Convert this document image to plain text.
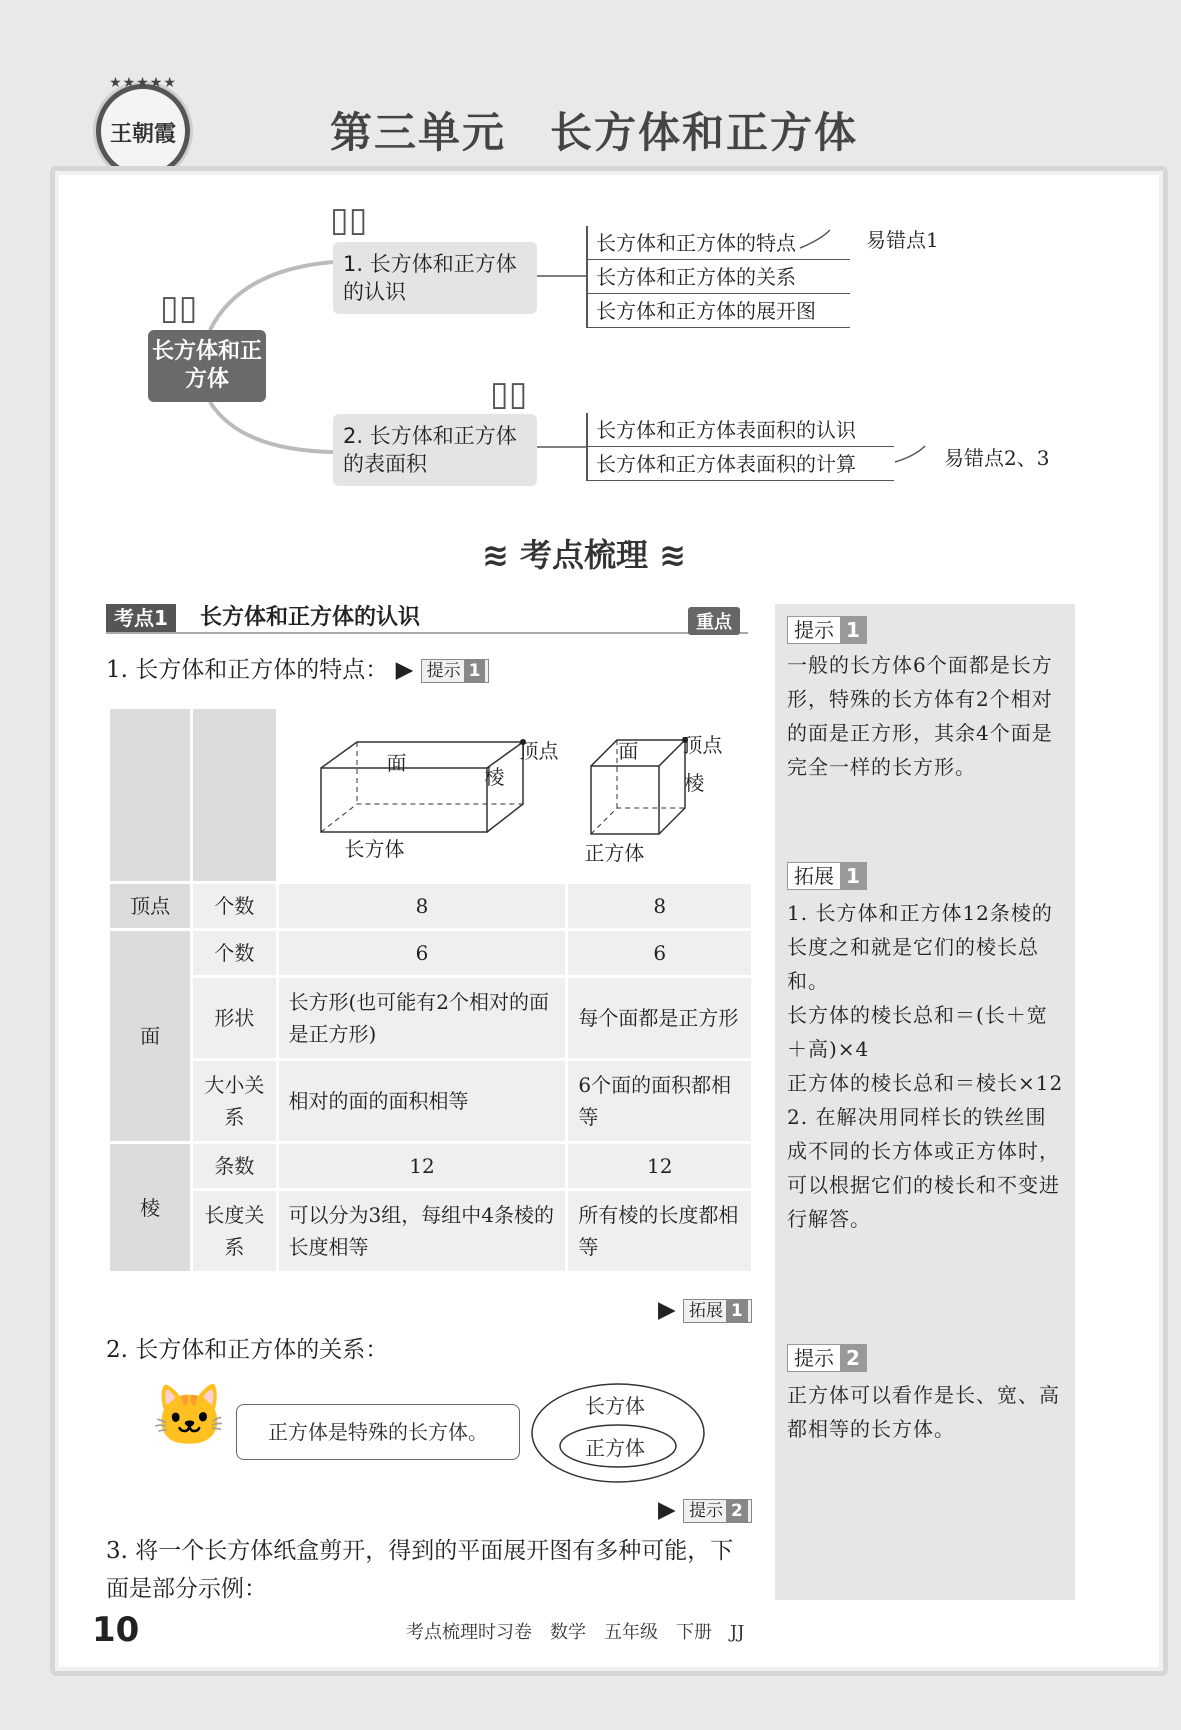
★★★★★
王朝霞	第三单元　长方体和正方体
▯▯
▯▯
▯▯
长方体和正方体
1. 长方体和正方体的认识
长方体和正方体的特点
长方体和正方体的关系
长方体和正方体的展开图
易错点1
2. 长方体和正方体的表面积
长方体和正方体表面积的认识
长方体和正方体表面积的计算	易错点2、3
≋ 考点梳理 ≋
考点1	长方体和正方体的认识	重点
1. 长方体和正方体的特点： ▶ 提示 1

		面 顶点
棱
长方体	面 顶点
棱
正方体

顶点	个数	8	8
面	个数	6	6
	形状	长方形(也可能有2个相对的面是正方形)	每个面都是正方形
	大小关系	相对的面的面积相等	6个面的面积都相等
棱	条数	12	12
	长度关系	可以分为3组，每组中4条棱的长度相等	所有棱的长度都相等
▶ 拓展 1
2. 长方体和正方体的关系：
🐱	正方体是特殊的长方体。
长方体
正方体
▶ 提示 2
3. 将一个长方体纸盒剪开，得到的平面展开图有多种可能，下面是部分示例：
提示 1
一般的长方体6个面都是长方形，特殊的长方体有2个相对的面是正方形，其余4个面是完全一样的长方形。
拓展 1
1. 长方体和正方体12条棱的长度之和就是它们的棱长总和。
长方体的棱长总和＝(长＋宽＋高)×4
正方体的棱长总和＝棱长×12
2. 在解决用同样长的铁丝围成不同的长方体或正方体时，可以根据它们的棱长和不变进行解答。
提示 2
正方体可以看作是长、宽、高都相等的长方体。
10	考点梳理时习卷　数学　五年级　下册　JJ
